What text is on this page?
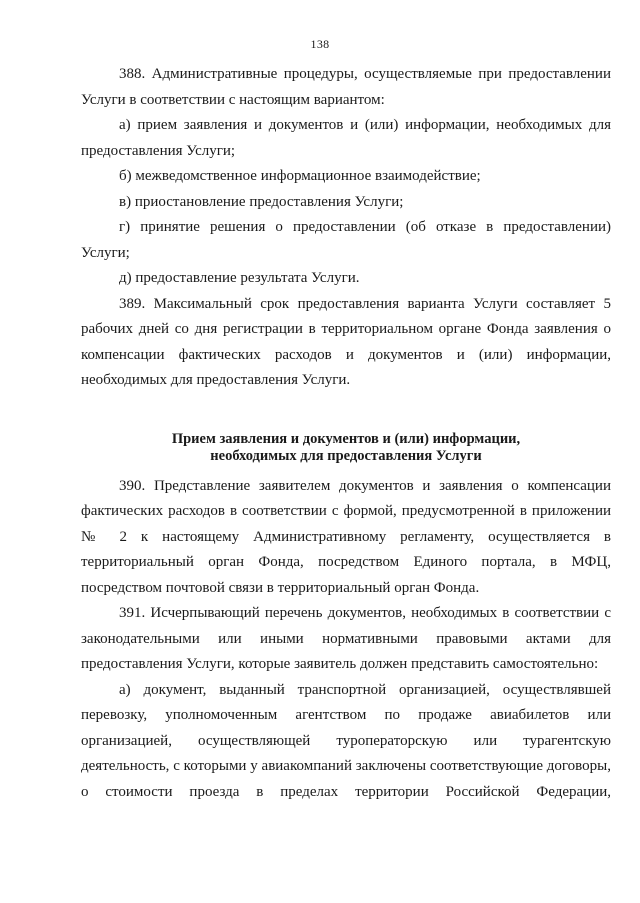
138

388. Административные процедуры, осуществляемые при предоставлении Услуги в соответствии с настоящим вариантом:

а) прием заявления и документов и (или) информации, необходимых для предоставления Услуги;

б) межведомственное информационное взаимодействие;

в) приостановление предоставления Услуги;

г) принятие решения о предоставлении (об отказе в предоставлении) Услуги;

д) предоставление результата Услуги.

389. Максимальный срок предоставления варианта Услуги составляет 5 рабочих дней со дня регистрации в территориальном органе Фонда заявления о компенсации фактических расходов и документов и (или) информации, необходимых для предоставления Услуги.

Прием заявления и документов и (или) информации,
необходимых для предоставления Услуги

390. Представление заявителем документов и заявления о компенсации фактических расходов в соответствии с формой, предусмотренной в приложении № 2 к настоящему Административному регламенту, осуществляется в территориальный орган Фонда, посредством Единого портала, в МФЦ, посредством почтовой связи в территориальный орган Фонда.

391. Исчерпывающий перечень документов, необходимых в соответствии с законодательными или иными нормативными правовыми актами для предоставления Услуги, которые заявитель должен представить самостоятельно:

а) документ, выданный транспортной организацией, осуществлявшей перевозку, уполномоченным агентством по продаже авиабилетов или организацией, осуществляющей туроператорскую или турагентскую деятельность, с которыми у авиакомпаний заключены соответствующие договоры, о стоимости проезда в пределах территории Российской Федерации,
